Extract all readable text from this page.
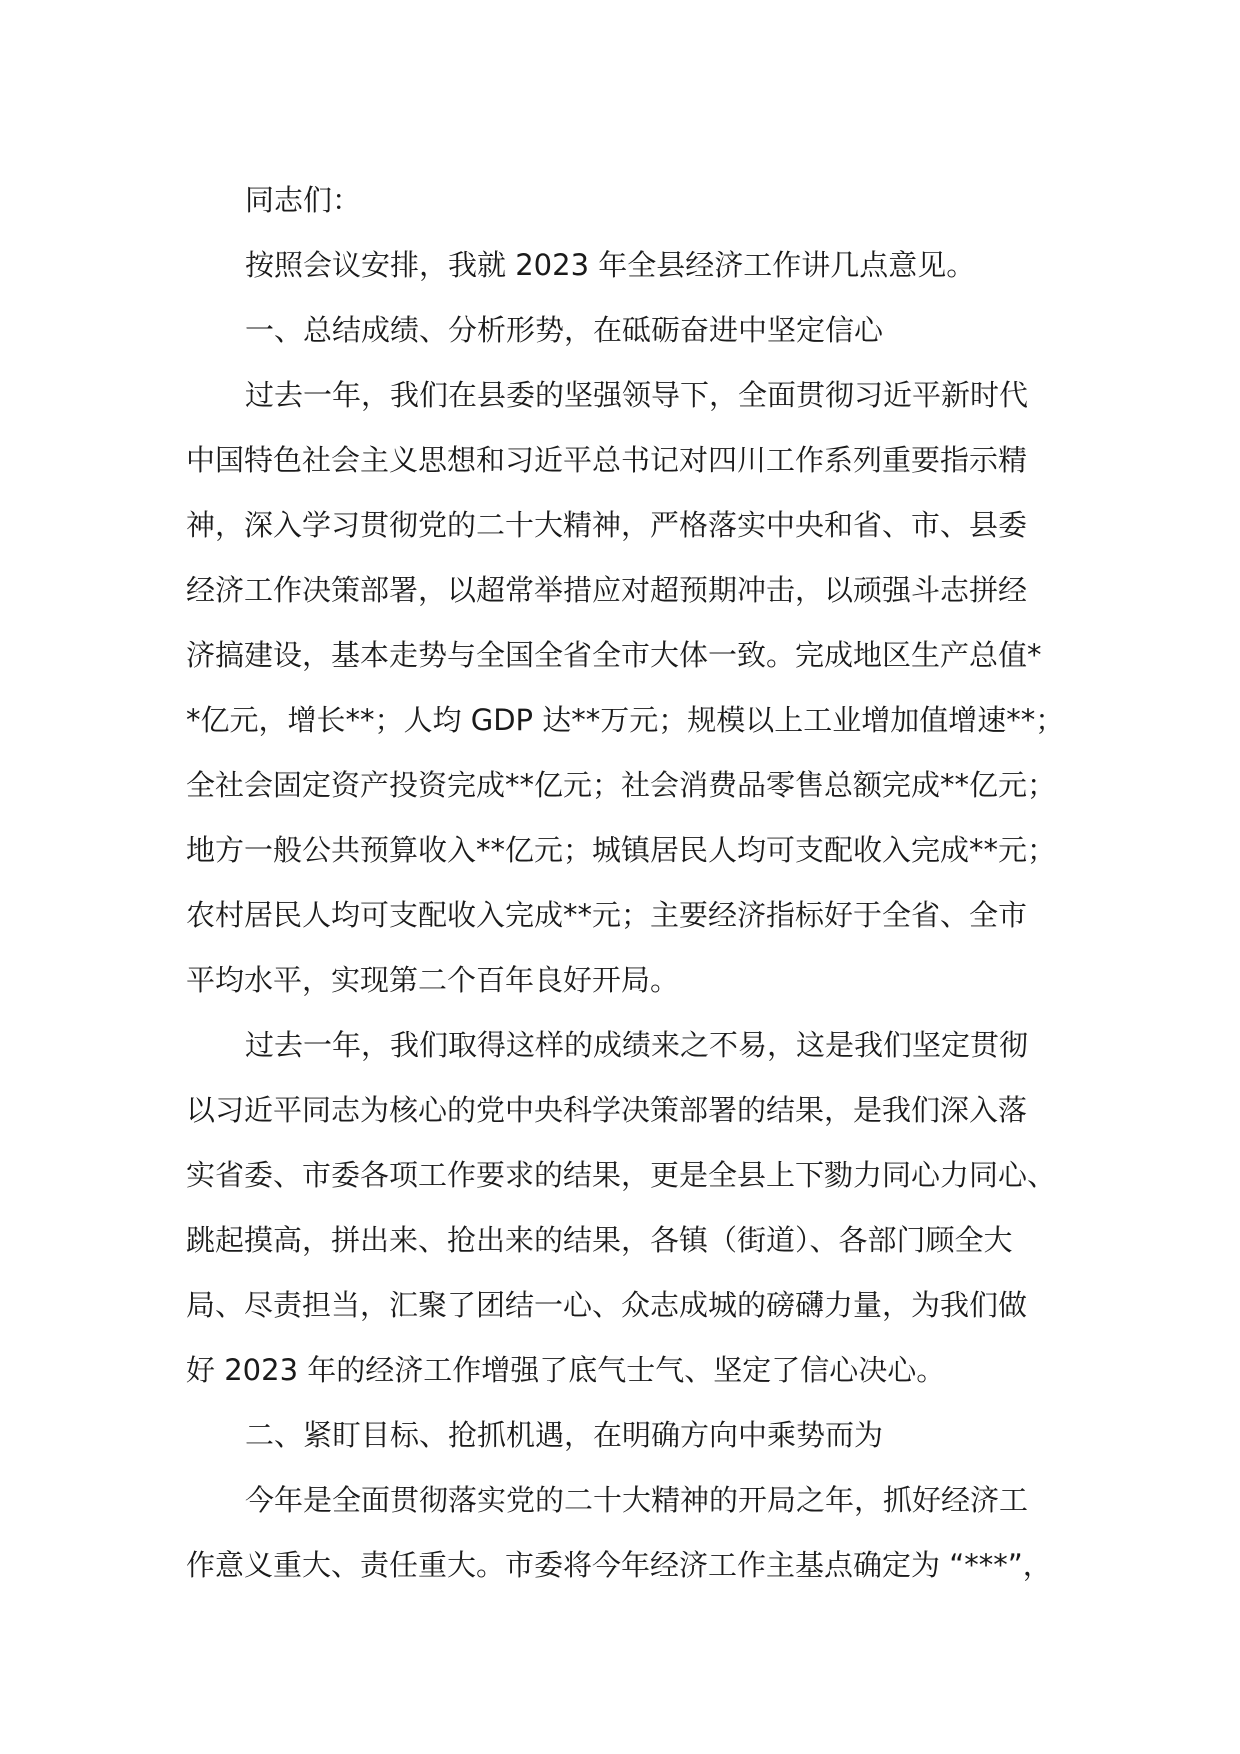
同志们：
按照会议安排，我就 2023 年全县经济工作讲几点意见。
一、总结成绩、分析形势，在砥砺奋进中坚定信心
过去一年，我们在县委的坚强领导下，全面贯彻习近平新时代
中国特色社会主义思想和习近平总书记对四川工作系列重要指示精
神，深入学习贯彻党的二十大精神，严格落实中央和省、市、县委
经济工作决策部署，以超常举措应对超预期冲击，以顽强斗志拼经
济搞建设，基本走势与全国全省全市大体一致。完成地区生产总值*
*亿元，增长**；人均 GDP 达**万元；规模以上工业增加值增速**；
全社会固定资产投资完成**亿元；社会消费品零售总额完成**亿元；
地方一般公共预算收入**亿元；城镇居民人均可支配收入完成**元；
农村居民人均可支配收入完成**元；主要经济指标好于全省、全市
平均水平，实现第二个百年良好开局。
过去一年，我们取得这样的成绩来之不易，这是我们坚定贯彻
以习近平同志为核心的党中央科学决策部署的结果，是我们深入落
实省委、市委各项工作要求的结果，更是全县上下勠力同心力同心、
跳起摸高，拼出来、抢出来的结果，各镇（街道）、各部门顾全大
局、尽责担当，汇聚了团结一心、众志成城的磅礴力量，为我们做
好 2023 年的经济工作增强了底气士气、坚定了信心决心。
二、紧盯目标、抢抓机遇，在明确方向中乘势而为
今年是全面贯彻落实党的二十大精神的开局之年，抓好经济工
作意义重大、责任重大。市委将今年经济工作主基点确定为 “***”，
